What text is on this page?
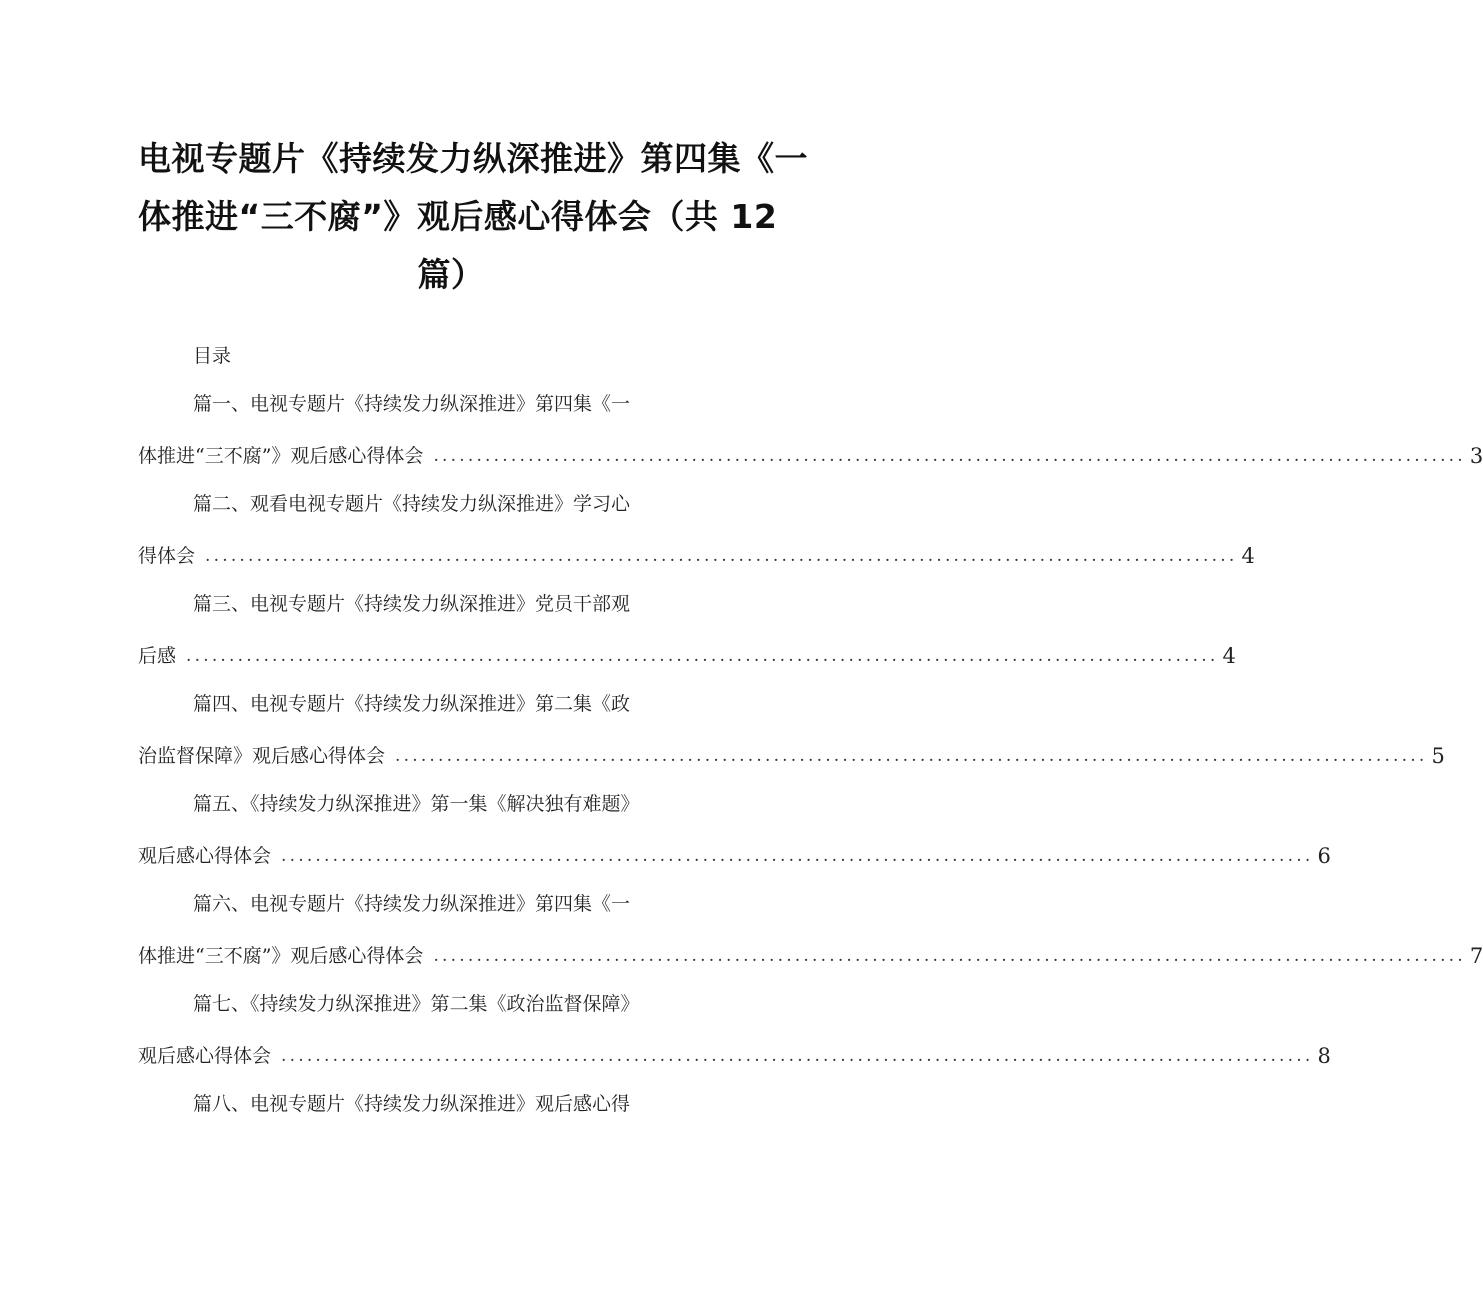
电视专题片《持续发力纵深推进》第四集《一
体推进“三不腐”》观后感心得体会（共 12
篇）
目录
篇一、电视专题片《持续发力纵深推进》第四集《一
体推进“三不腐”》观后感心得体会 ........................................................................................................................ 3
篇二、观看电视专题片《持续发力纵深推进》学习心
得体会 ........................................................................................................................ 4
篇三、电视专题片《持续发力纵深推进》党员干部观
后感 ........................................................................................................................ 4
篇四、电视专题片《持续发力纵深推进》第二集《政
治监督保障》观后感心得体会 ........................................................................................................................ 5
篇五、《持续发力纵深推进》第一集《解决独有难题》
观后感心得体会 ........................................................................................................................ 6
篇六、电视专题片《持续发力纵深推进》第四集《一
体推进“三不腐”》观后感心得体会 ........................................................................................................................ 7
篇七、《持续发力纵深推进》第二集《政治监督保障》
观后感心得体会 ........................................................................................................................ 8
篇八、电视专题片《持续发力纵深推进》观后感心得
